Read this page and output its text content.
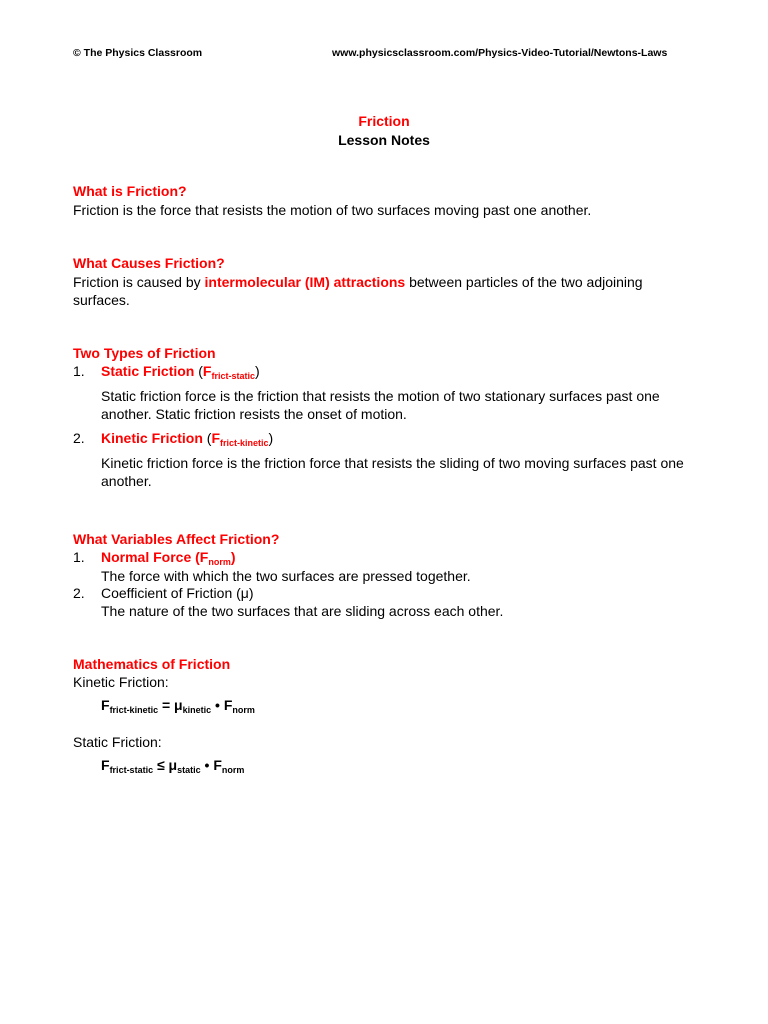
© The Physics Classroom	www.physicsclassroom.com/Physics-Video-Tutorial/Newtons-Laws
Friction
Lesson Notes
What is Friction?
Friction is the force that resists the motion of two surfaces moving past one another.
What Causes Friction?
Friction is caused by intermolecular (IM) attractions between particles of the two adjoining surfaces.
Two Types of Friction
1. Static Friction $(F_{frict-static})$
Static friction force is the friction that resists the motion of two stationary surfaces past one another. Static friction resists the onset of motion.
2. Kinetic Friction $(F_{frict-kinetic})$
Kinetic friction force is the friction force that resists the sliding of two moving surfaces past one another.
What Variables Affect Friction?
1. Normal Force $(F_{norm})$
The force with which the two surfaces are pressed together.
2. Coefficient of Friction (μ)
The nature of the two surfaces that are sliding across each other.
Mathematics of Friction
Kinetic Friction:
$F_{frict-kinetic} = \mu_{kinetic}$ • $F_{norm}$
Static Friction:
$F_{frict-static} \le \mu_{static}$ • $F_{norm}$
